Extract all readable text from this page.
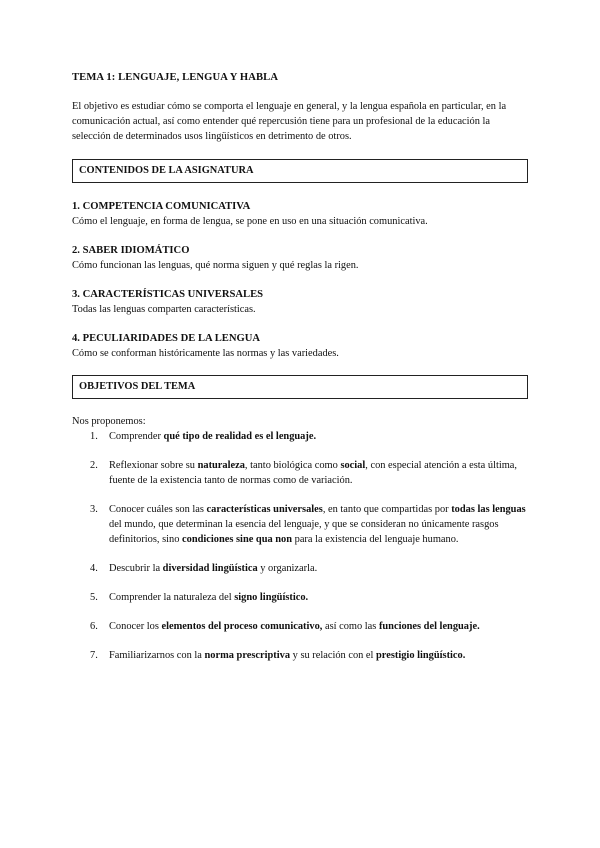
TEMA 1: LENGUAJE, LENGUA Y HABLA

El objetivo es estudiar cómo se comporta el lenguaje en general, y la lengua española en particular, en la comunicación actual, así como entender qué repercusión tiene para un profesional de la educación la selección de determinados usos lingüísticos en detrimento de otros.

CONTENIDOS DE LA ASIGNATURA
1. COMPETENCIA COMUNICATIVA

Cómo el lenguaje, en forma de lengua, se pone en uso en una situación comunicativa.

2. SABER IDIOMÁTICO

Cómo funcionan las lenguas, qué norma siguen y qué reglas la rigen.

3. CARACTERÍSTICAS UNIVERSALES

Todas las lenguas comparten características.

4. PECULIARIDADES DE LA LENGUA

Cómo se conforman históricamente las normas y las variedades.

OBJETIVOS DEL TEMA

Nos proponemos:

1. Comprender qué tipo de realidad es el lenguaje.
2. Reflexionar sobre su naturaleza, tanto biológica como social, con especial atención a esta última, fuente de la existencia tanto de normas como de variación.
3. Conocer cuáles son las características universales, en tanto que compartidas por todas las lenguas del mundo, que determinan la esencia del lenguaje, y que se consideran no únicamente rasgos definitorios, sino condiciones sine qua non para la existencia del lenguaje humano.
4. Descubrir la diversidad lingüística y organizarla.
5. Comprender la naturaleza del signo lingüístico.
6. Conocer los elementos del proceso comunicativo, así como las funciones del lenguaje.
7. Familiarizarnos con la norma prescriptiva y su relación con el prestigio lingüístico.
